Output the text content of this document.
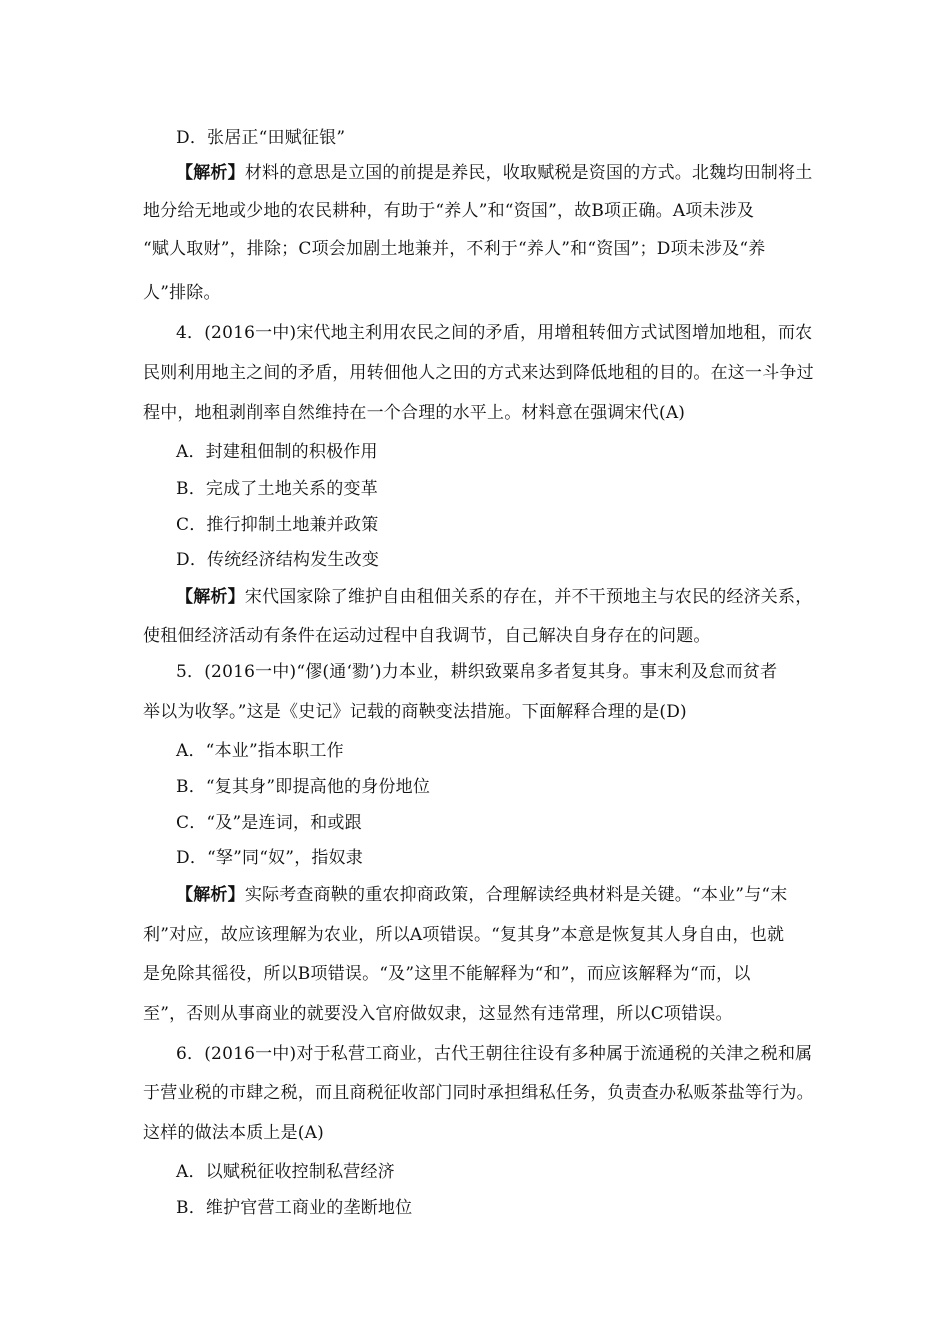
D．张居正“田赋征银”
【解析】材料的意思是立国的前提是养民，收取赋税是资国的方式。北魏均田制将土
地分给无地或少地的农民耕种，有助于“养人”和“资国”，故B项正确。A项未涉及
“赋人取财”，排除；C项会加剧土地兼并，不利于“养人”和“资国”；D项未涉及“养
人”排除。
4．(2016一中)宋代地主利用农民之间的矛盾，用增租转佃方式试图增加地租，而农
民则利用地主之间的矛盾，用转佃他人之田的方式来达到降低地租的目的。在这一斗争过
程中，地租剥削率自然维持在一个合理的水平上。材料意在强调宋代(A)
A．封建租佃制的积极作用
B．完成了土地关系的变革
C．推行抑制土地兼并政策
D．传统经济结构发生改变
【解析】宋代国家除了维护自由租佃关系的存在，并不干预地主与农民的经济关系，
使租佃经济活动有条件在运动过程中自我调节，自己解决自身存在的问题。
5．(2016一中)“僇(通‘勠’)力本业，耕织致粟帛多者复其身。事末利及怠而贫者
举以为收孥。”这是《史记》记载的商鞅变法措施。下面解释合理的是(D)
A．“本业”指本职工作
B．“复其身”即提高他的身份地位
C．“及”是连词，和或跟
D．“孥”同“奴”，指奴隶
【解析】实际考查商鞅的重农抑商政策，合理解读经典材料是关键。“本业”与“末
利”对应，故应该理解为农业，所以A项错误。“复其身”本意是恢复其人身自由，也就
是免除其徭役，所以B项错误。“及”这里不能解释为“和”，而应该解释为“而，以
至”，否则从事商业的就要没入官府做奴隶，这显然有违常理，所以C项错误。
6．(2016一中)对于私营工商业，古代王朝往往设有多种属于流通税的关津之税和属
于营业税的市肆之税，而且商税征收部门同时承担缉私任务，负责查办私贩茶盐等行为。
这样的做法本质上是(A)
A．以赋税征收控制私营经济
B．维护官营工商业的垄断地位
